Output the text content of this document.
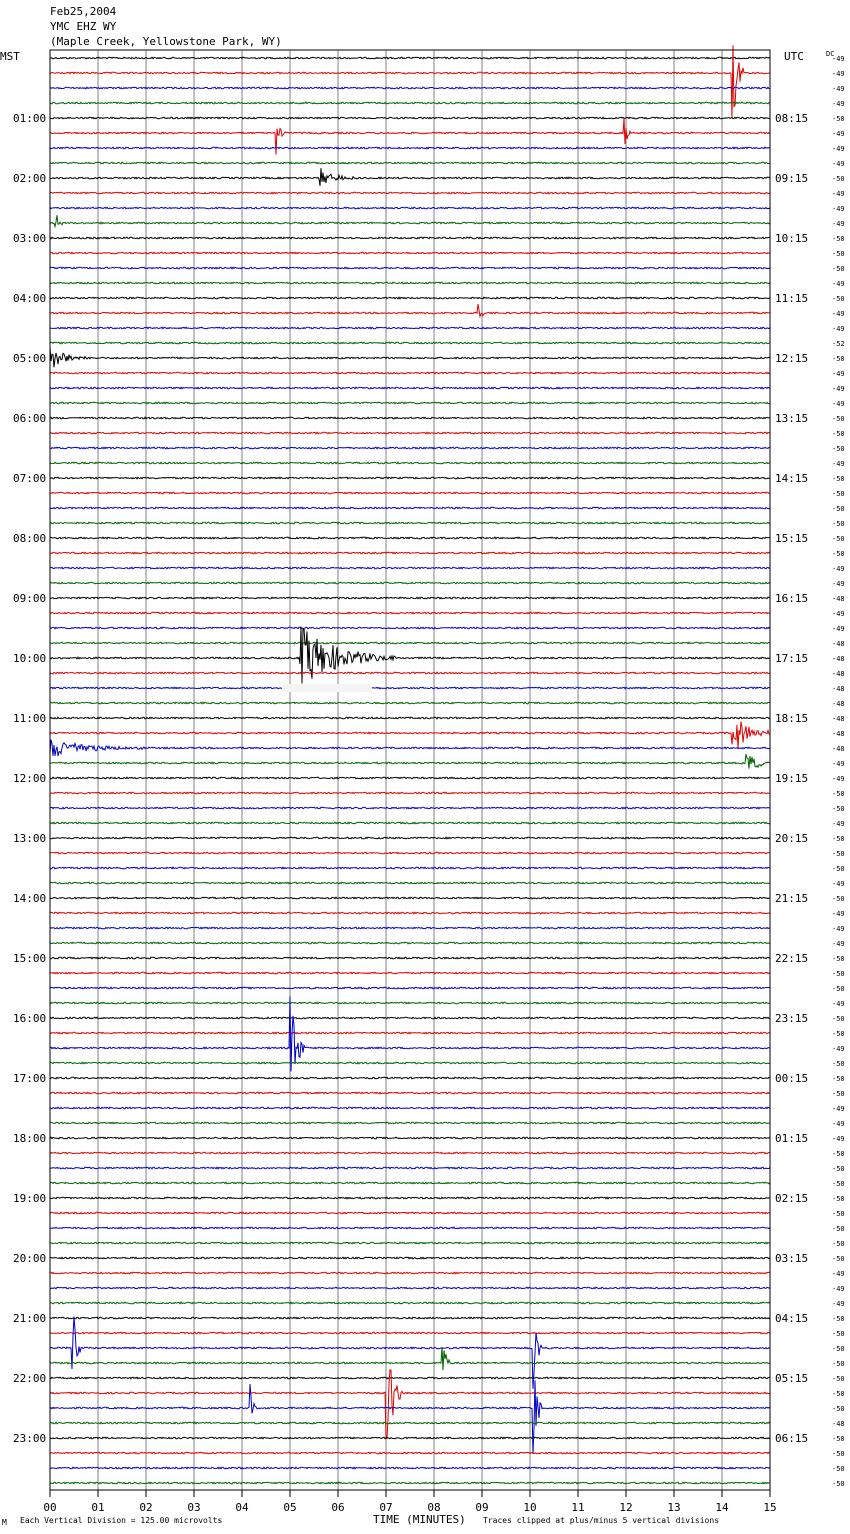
Feb25,2004
YMC EHZ WY
(Maple Creek, Yellowstone Park, WY)
MST	UTC	DC
01:00
02:00
03:00
04:00
05:00
06:00
07:00
08:00
09:00
10:00
11:00
12:00
13:00
14:00
15:00
16:00
17:00
18:00
19:00
20:00
21:00
22:00
23:00
08:15
09:15
10:15
11:15
12:15
13:15
14:15
15:15
16:15
17:15
18:15
19:15
20:15
21:15
22:15
23:15
00:15
01:15
02:15
03:15
04:15
05:15
06:15
-49
-49
-49
-49
-50
-49
-49
-49
-50
-49
-49
-49
-50
-50
-50
-49
-50
-49
-49
-52
-50
-49
-49
-49
-50
-50
-50
-49
-50
-50
-50
-50
-50
-50
-49
-49
-48
-49
-49
-48
-48
-48
-48
-48
-48
-48
-48
-49
-49
-50
-50
-49
-50
-50
-50
-49
-50
-49
-49
-49
-50
-50
-50
-49
-50
-50
-49
-50
-50
-50
-49
-49
-49
-50
-50
-50
-50
-50
-50
-50
-50
-49
-49
-49
-50
-50
-50
-50
-50
-50
-50
-48
-50
-50
-50
-50
00	01	02	03	04	05	06	07	08	09	10	11	12	13	14	15
TIME (MINUTES)
Each Vertical Division = 125.00 microvolts	Traces clipped at plus/minus 5 vertical divisions
M
